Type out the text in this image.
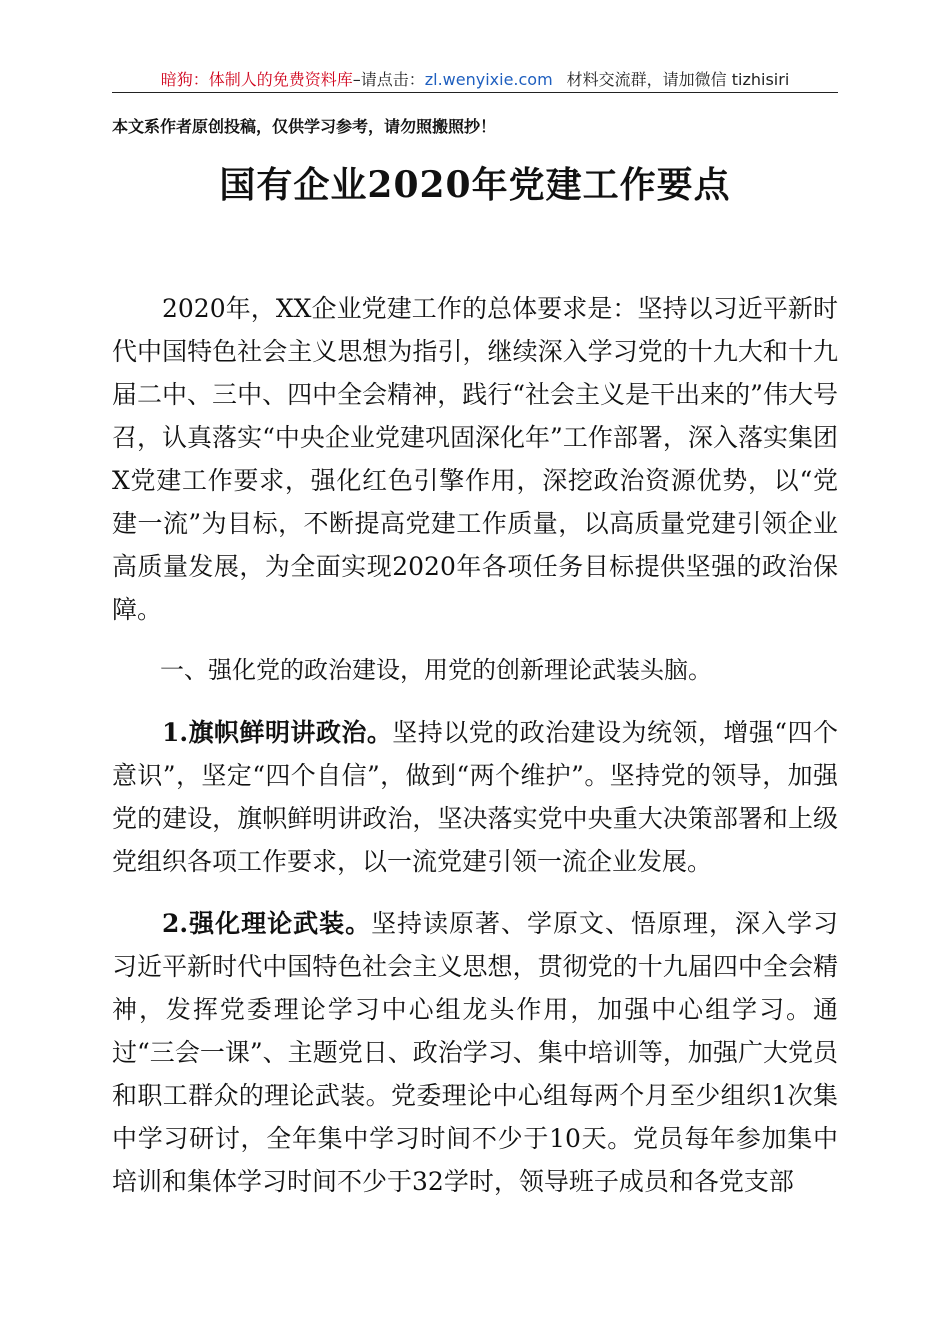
暗狗：体制人的免费资料库–请点击：zl.wenyixie.com 材料交流群，请加微信 tizhisiri
本文系作者原创投稿，仅供学习参考，请勿照搬照抄！
国有企业2020年党建工作要点

2020年，XX企业党建工作的总体要求是：坚持以习近平新时代中国特色社会主义思想为指引，继续深入学习党的十九大和十九届二中、三中、四中全会精神，践行“社会主义是干出来的”伟大号召，认真落实“中央企业党建巩固深化年”工作部署，深入落实集团X党建工作要求，强化红色引擎作用，深挖政治资源优势，以“党建一流”为目标，不断提高党建工作质量，以高质量党建引领企业高质量发展，为全面实现2020年各项任务目标提供坚强的政治保障。

一、强化党的政治建设，用党的创新理论武装头脑。

1.旗帜鲜明讲政治。坚持以党的政治建设为统领，增强“四个意识”，坚定“四个自信”，做到“两个维护”。坚持党的领导，加强党的建设，旗帜鲜明讲政治，坚决落实党中央重大决策部署和上级党组织各项工作要求，以一流党建引领一流企业发展。

2.强化理论武装。坚持读原著、学原文、悟原理，深入学习习近平新时代中国特色社会主义思想，贯彻党的十九届四中全会精神，发挥党委理论学习中心组龙头作用，加强中心组学习。通过“三会一课”、主题党日、政治学习、集中培训等，加强广大党员和职工群众的理论武装。党委理论中心组每两个月至少组织1次集中学习研讨，全年集中学习时间不少于10天。党员每年参加集中培训和集体学习时间不少于32学时，领导班子成员和各党支部
